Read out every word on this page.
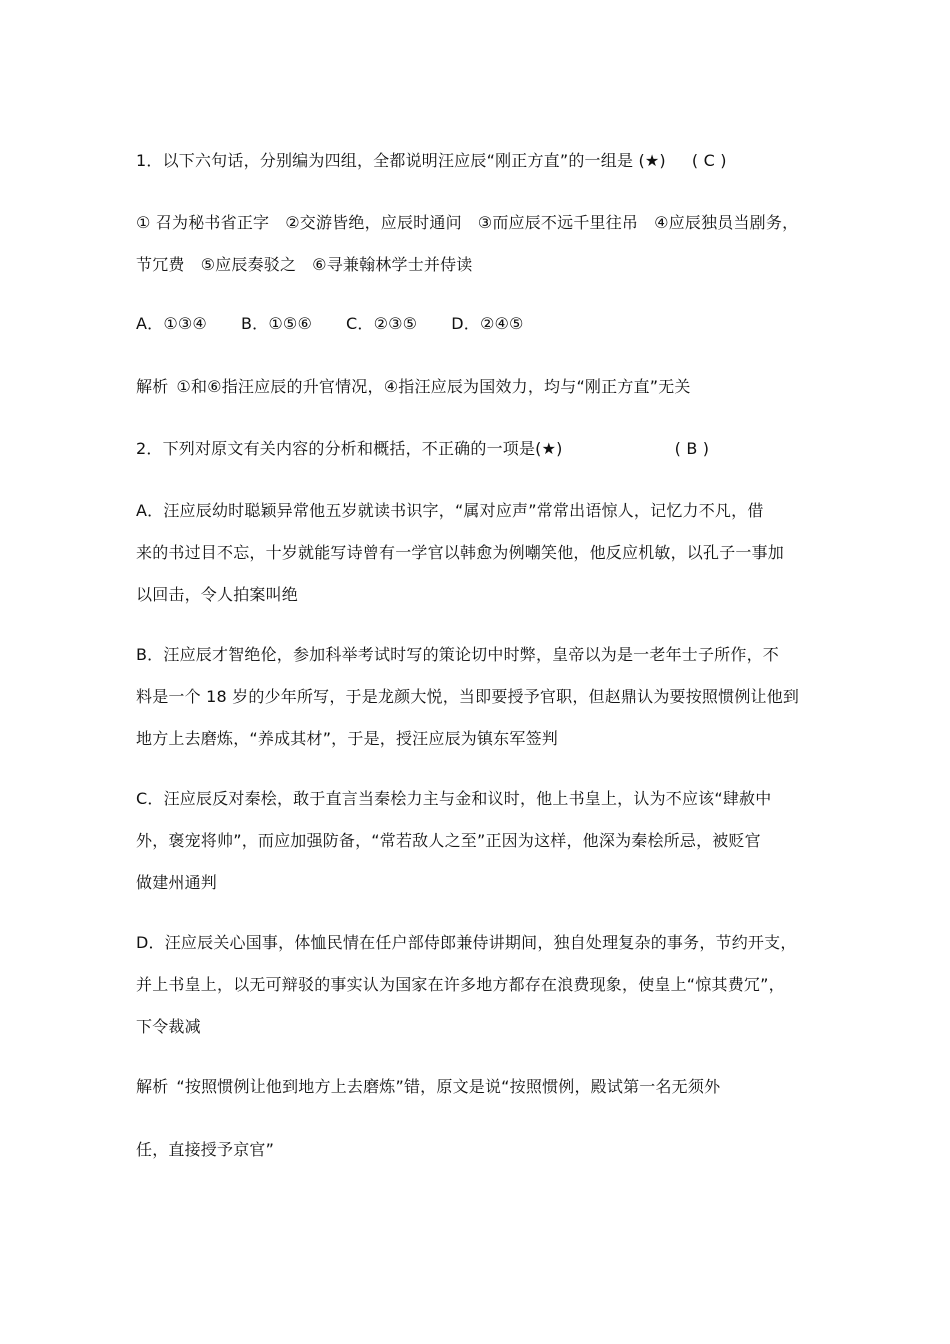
1．以下六句话，分别编为四组，全都说明汪应辰“刚正方直”的一组是 (★) ( C )
① 召为秘书省正字 ②交游皆绝，应辰时通问 ③而应辰不远千里往吊 ④应辰独员当剧务，
节冗费 ⑤应辰奏驳之 ⑥寻兼翰林学士并侍读
A．①③④ B．①⑤⑥ C．②③⑤ D．②④⑤
解析 ①和⑥指汪应辰的升官情况，④指汪应辰为国效力，均与“刚正方直”无关
2．下列对原文有关内容的分析和概括，不正确的一项是(★)	( B )
A．汪应辰幼时聪颖异常他五岁就读书识字，“属对应声”常常出语惊人，记忆力不凡，借
来的书过目不忘，十岁就能写诗曾有一学官以韩愈为例嘲笑他，他反应机敏，以孔子一事加
以回击，令人拍案叫绝
B．汪应辰才智绝伦，参加科举考试时写的策论切中时弊，皇帝以为是一老年士子所作，不
料是一个 18 岁的少年所写，于是龙颜大悦，当即要授予官职，但赵鼎认为要按照惯例让他到
地方上去磨炼，“养成其材”，于是，授汪应辰为镇东军签判
C．汪应辰反对秦桧，敢于直言当秦桧力主与金和议时，他上书皇上，认为不应该“肆赦中
外，褒宠将帅”，而应加强防备，“常若敌人之至”正因为这样，他深为秦桧所忌，被贬官
做建州通判
D．汪应辰关心国事，体恤民情在任户部侍郎兼侍讲期间，独自处理复杂的事务，节约开支，
并上书皇上，以无可辩驳的事实认为国家在许多地方都存在浪费现象，使皇上“惊其费冗”，
下令裁减
解析 “按照惯例让他到地方上去磨炼”错，原文是说“按照惯例，殿试第一名无须外
任，直接授予京官”
